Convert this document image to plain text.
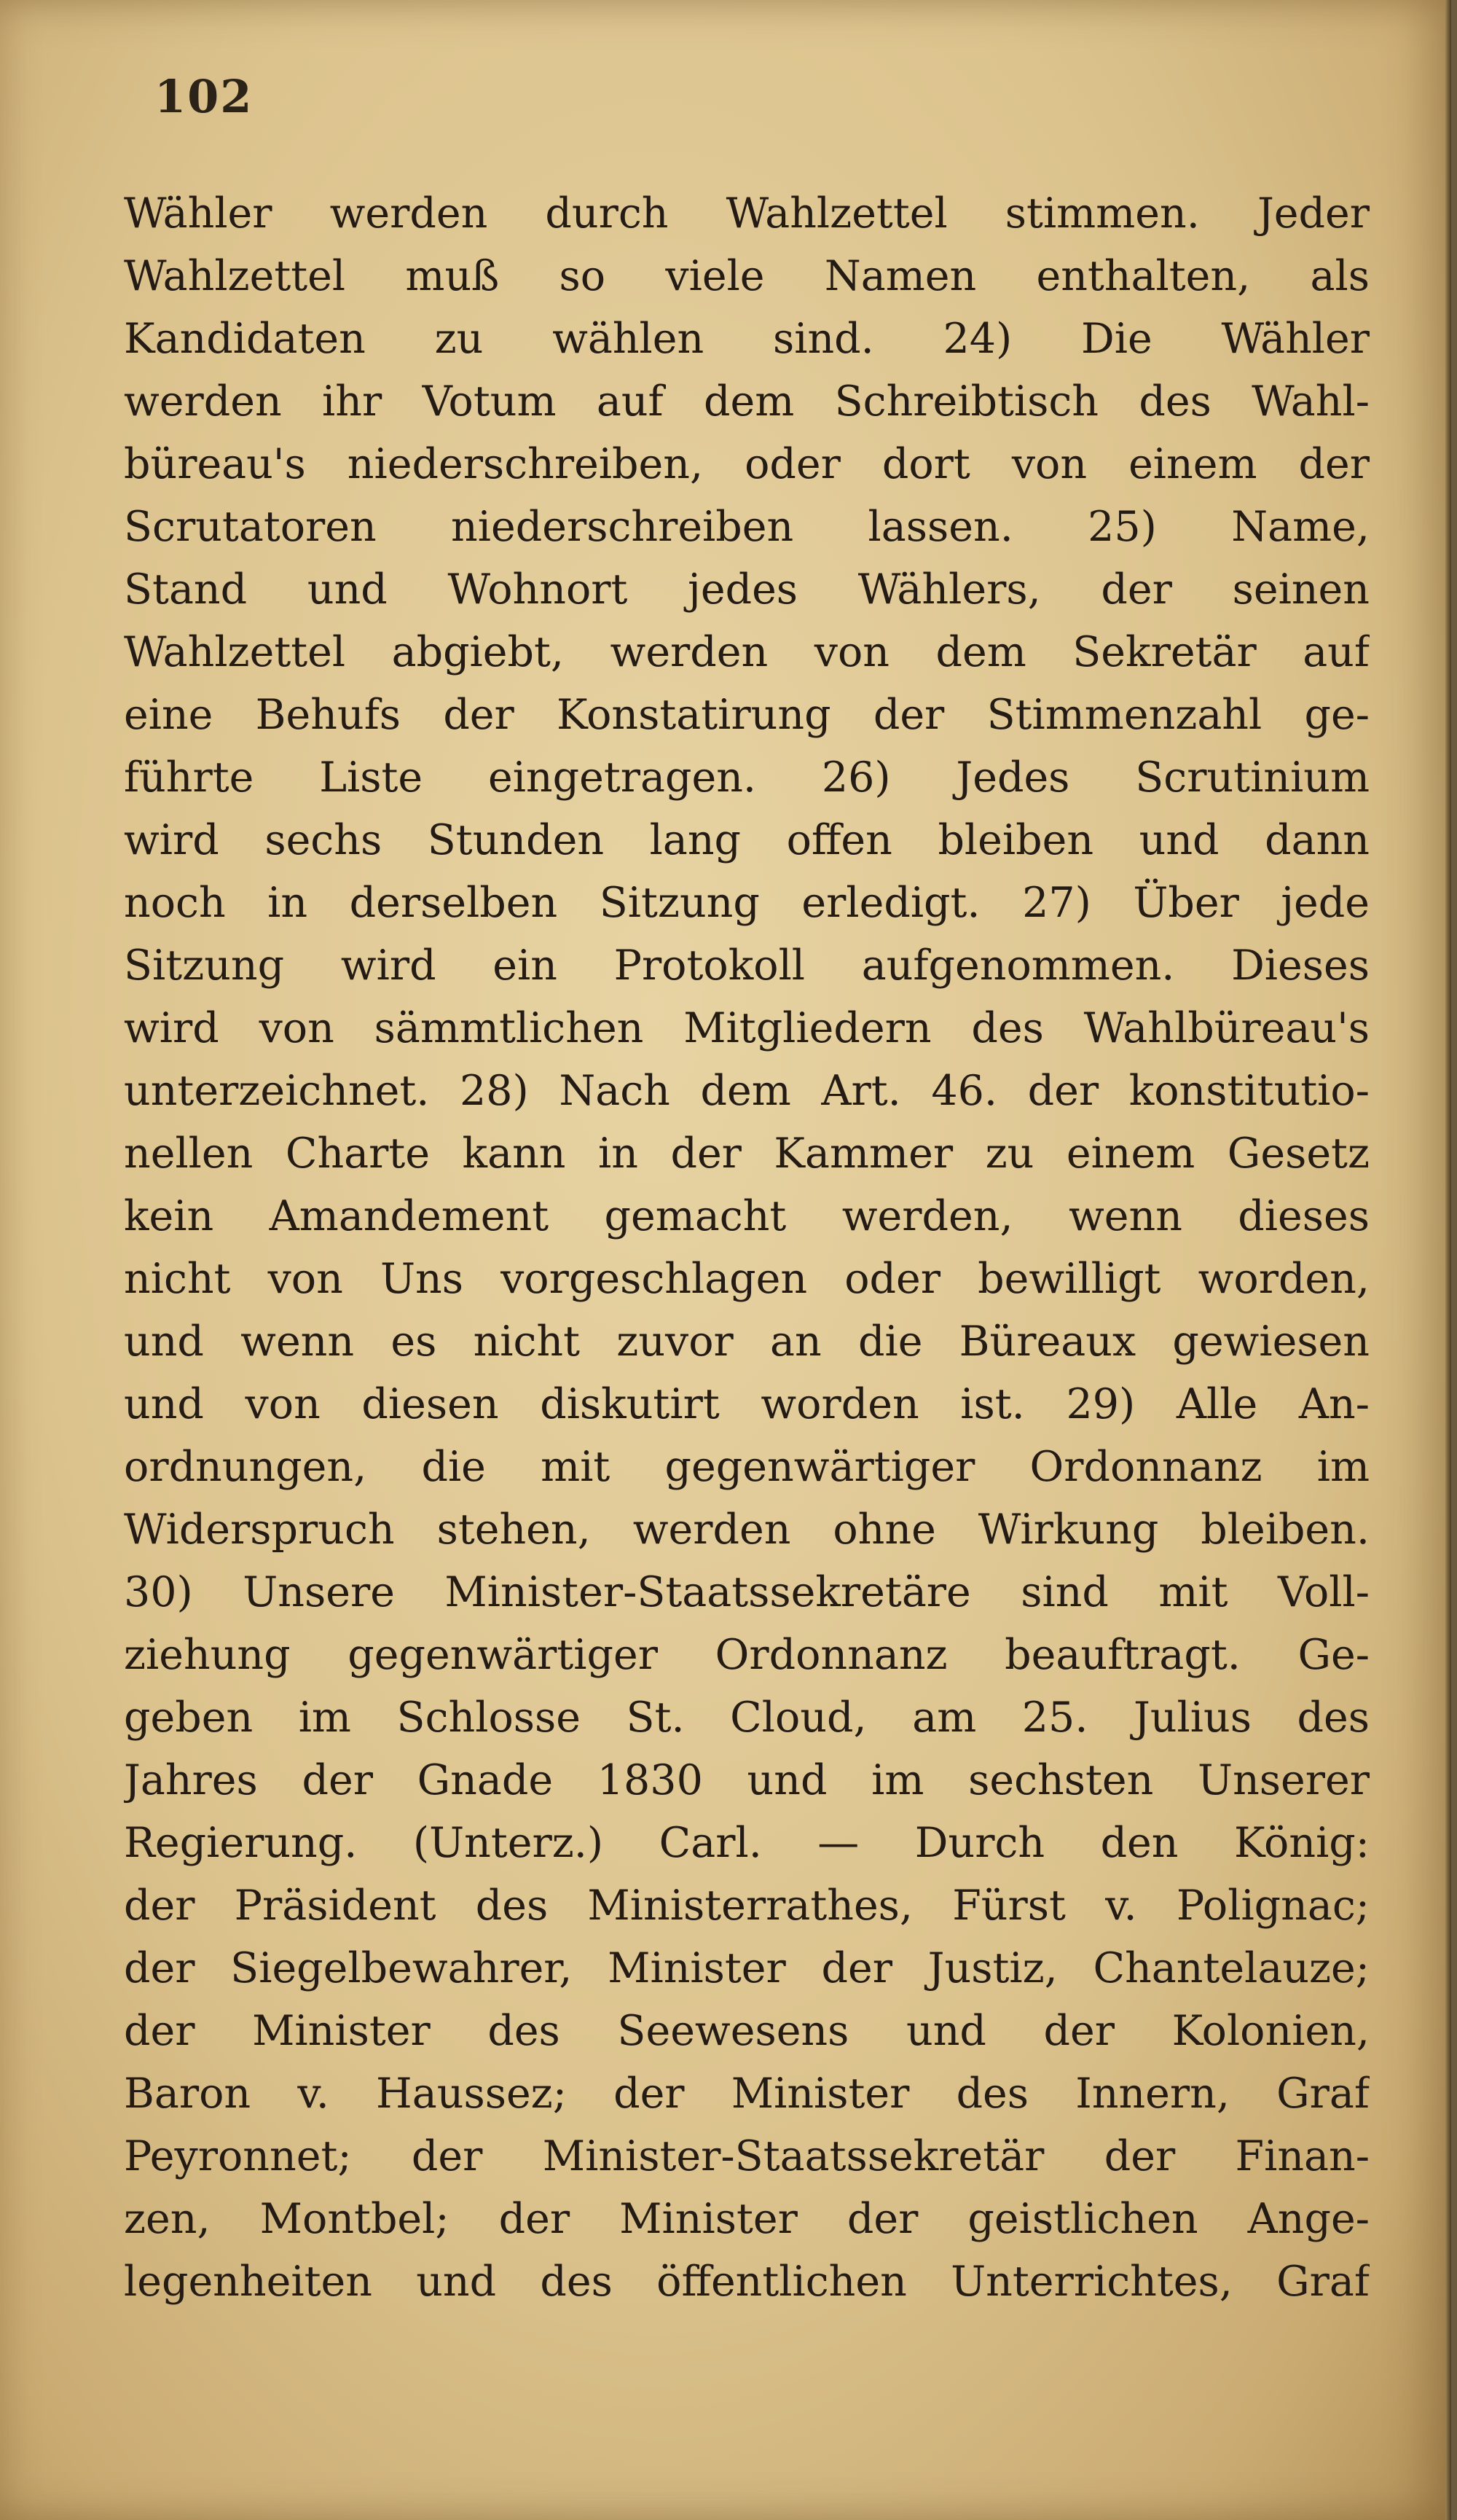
102
Wähler werden durch Wahlzettel stimmen. Jeder
Wahlzettel muß so viele Namen enthalten, als
Kandidaten zu wählen sind. 24) Die Wähler
werden ihr Votum auf dem Schreibtisch des Wahl-
büreau's niederschreiben, oder dort von einem der
Scrutatoren niederschreiben lassen. 25) Name,
Stand und Wohnort jedes Wählers, der seinen
Wahlzettel abgiebt, werden von dem Sekretär auf
eine Behufs der Konstatirung der Stimmenzahl ge-
führte Liste eingetragen. 26) Jedes Scrutinium
wird sechs Stunden lang offen bleiben und dann
noch in derselben Sitzung erledigt. 27) Über jede
Sitzung wird ein Protokoll aufgenommen. Dieses
wird von sämmtlichen Mitgliedern des Wahlbüreau's
unterzeichnet. 28) Nach dem Art. 46. der konstitutio-
nellen Charte kann in der Kammer zu einem Gesetz
kein Amandement gemacht werden, wenn dieses
nicht von Uns vorgeschlagen oder bewilligt worden,
und wenn es nicht zuvor an die Büreaux gewiesen
und von diesen diskutirt worden ist. 29) Alle An-
ordnungen, die mit gegenwärtiger Ordonnanz im
Widerspruch stehen, werden ohne Wirkung bleiben.
30) Unsere Minister-Staatssekretäre sind mit Voll-
ziehung gegenwärtiger Ordonnanz beauftragt. Ge-
geben im Schlosse St. Cloud, am 25. Julius des
Jahres der Gnade 1830 und im sechsten Unserer
Regierung. (Unterz.) Carl. — Durch den König:
der Präsident des Ministerrathes, Fürst v. Polignac;
der Siegelbewahrer, Minister der Justiz, Chantelauze;
der Minister des Seewesens und der Kolonien,
Baron v. Haussez; der Minister des Innern, Graf
Peyronnet; der Minister-Staatssekretär der Finan-
zen, Montbel; der Minister der geistlichen Ange-
legenheiten und des öffentlichen Unterrichtes, Graf
